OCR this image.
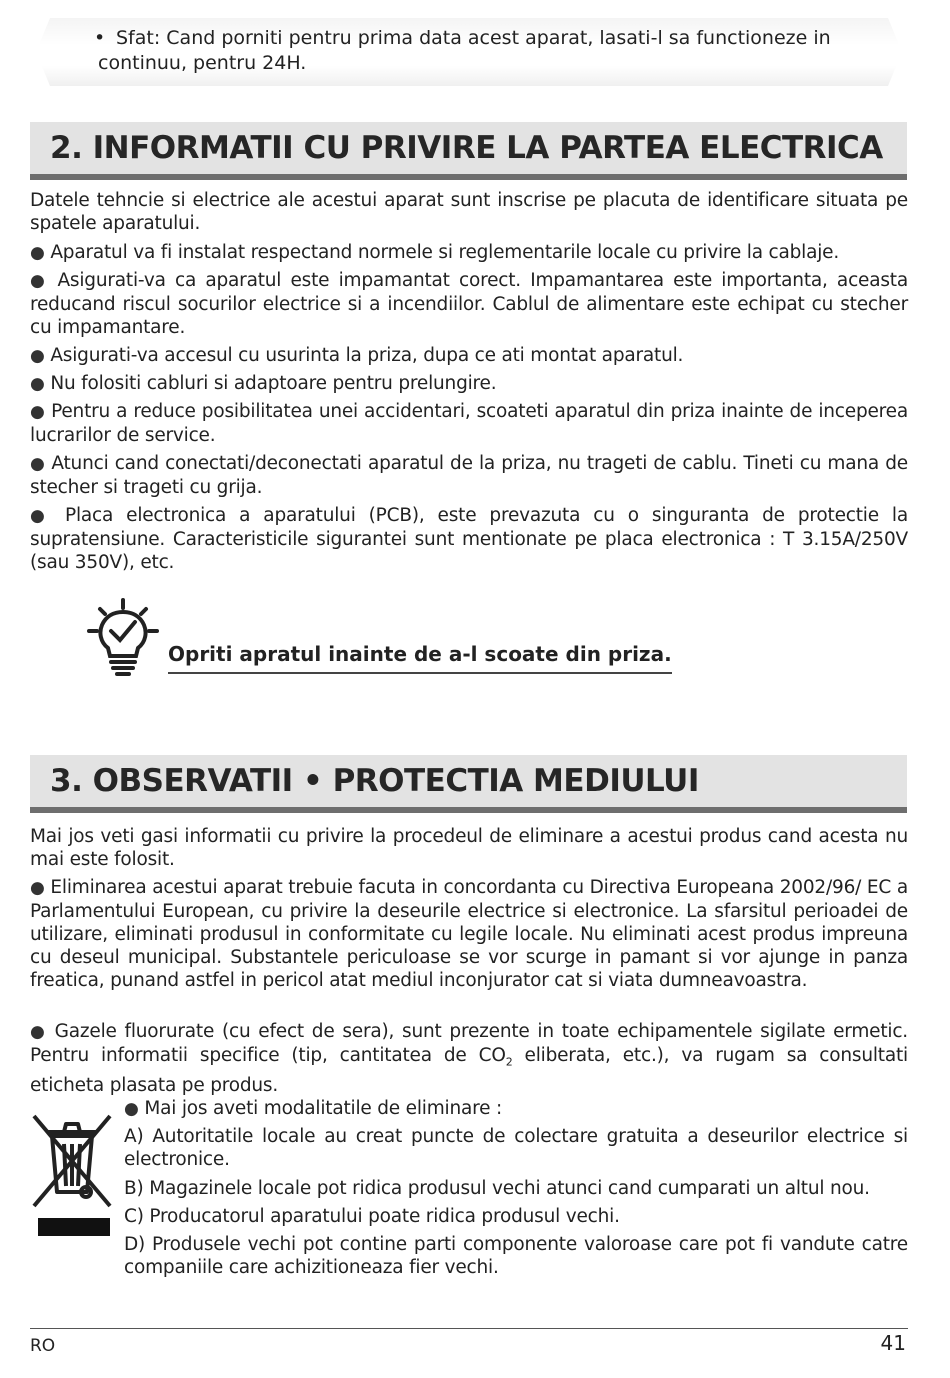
• Sfat: Cand porniti pentru prima data acest aparat, lasati-l sa functioneze in continuu, pentru 24H.
2. INFORMATII CU PRIVIRE LA PARTEA ELECTRICA
Datele tehncie si electrice ale acestui aparat sunt inscrise pe placuta de identificare situata pe spatele aparatului.
● Aparatul va fi instalat respectand normele si reglementarile locale cu privire la cablaje.
● Asigurati-va ca aparatul este impamantat corect. Impamantarea este importanta, aceasta reducand riscul socurilor electrice si a incendiilor. Cablul de alimentare este echipat cu stecher cu impamantare.
● Asigurati-va accesul cu usurinta la priza, dupa ce ati montat aparatul.
● Nu folositi cabluri si adaptoare pentru prelungire.
● Pentru a reduce posibilitatea unei accidentari, scoateti aparatul din priza inainte de inceperea lucrarilor de service.
● Atunci cand conectati/deconectati aparatul de la priza, nu trageti de cablu. Tineti cu mana de stecher si trageti cu grija.
● Placa electronica a aparatului (PCB), este prevazuta cu o singuranta de protectie la supratensiune. Caracteristicile sigurantei sunt mentionate pe placa electronica : T 3.15A/250V (sau 350V), etc.
Opriti apratul inainte de a-l scoate din priza.
3. OBSERVATII • PROTECTIA MEDIULUI
Mai jos veti gasi informatii cu privire la procedeul de eliminare a acestui produs cand acesta nu mai este folosit.
● Eliminarea acestui aparat trebuie facuta in concordanta cu Directiva Europeana 2002/96/ EC a Parlamentului European, cu privire la deseurile electrice si electronice. La sfarsitul perioadei de utilizare, eliminati produsul in conformitate cu legile locale. Nu eliminati acest produs impreuna cu deseul municipal. Substantele periculoase se vor scurge in pamant si vor ajunge in panza freatica, punand astfel in pericol atat mediul inconjurator cat si viata dumneavoastra.
● Gazele fluorurate (cu efect de sera), sunt prezente in toate echipamentele sigilate ermetic. Pentru informatii specifice (tip, cantitatea de $CO_2$ eliberata, etc.), va rugam sa consultati eticheta plasata pe produs.
● Mai jos aveti modalitatile de eliminare :
A) Autoritatile locale au creat puncte de colectare gratuita a deseurilor electrice si electronice.
B) Magazinele locale pot ridica produsul vechi atunci cand cumparati un altul nou.
C) Producatorul aparatului poate ridica produsul vechi.
D) Produsele vechi pot contine parti componente valoroase care pot fi vandute catre companiile care achizitioneaza fier vechi.
RO	41
